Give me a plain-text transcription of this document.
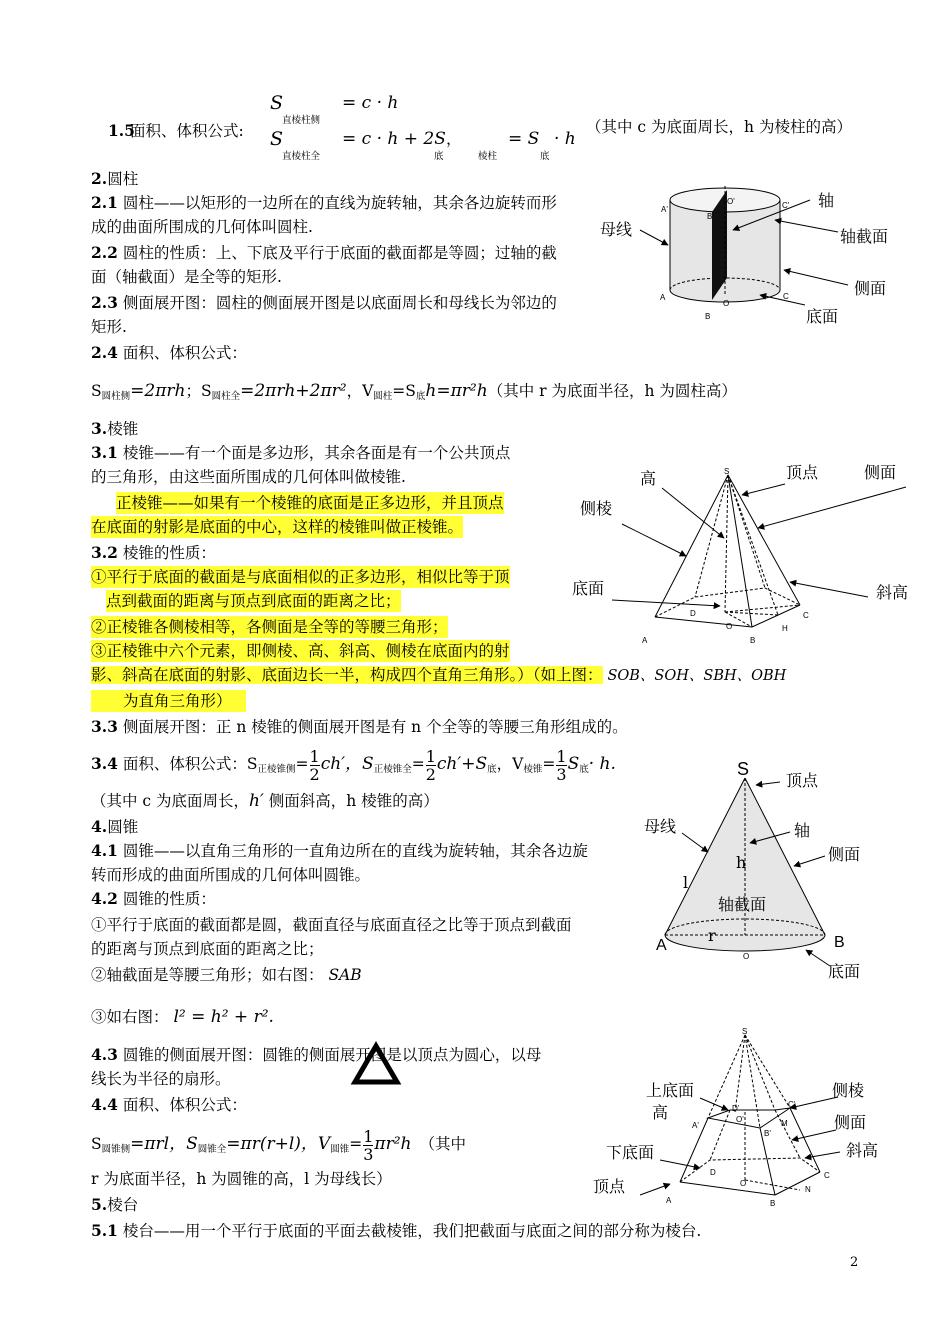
1.5
面积、体积公式:
S
直棱柱侧
= c · h
S
直棱柱全
= c · h + 2S
底
，
棱柱
= S
底
· h
（其中 c 为底面周长，h 为棱柱的高）
2.圆柱
2.1 圆柱——以矩形的一边所在的直线为旋转轴，其余各边旋转而形
成的曲面所围成的几何体叫圆柱.
2.2 圆柱的性质：上、下底及平行于底面的截面都是等圆；过轴的截
面（轴截面）是全等的矩形.
2.3 侧面展开图：圆柱的侧面展开图是以底面周长和母线长为邻边的
矩形.
2.4 面积、体积公式：
$S_{圆柱侧}=2\pi rh$；$S_{圆柱全}=2\pi rh+2\pi r^2$，$V_{圆柱}=S_底h=\pi r^2h$（其中 r 为底面半径，h 为圆柱高）
3.棱锥
3.1 棱锥——有一个面是多边形，其余各面是有一个公共顶点
的三角形，由这些面所围成的几何体叫做棱锥.
正棱锥——如果有一个棱锥的底面是正多边形，并且顶点
在底面的射影是底面的中心，这样的棱锥叫做正棱锥。
3.2 棱锥的性质：
①平行于底面的截面是与底面相似的正多边形，相似比等于顶
点到截面的距离与顶点到底面的距离之比；
②正棱锥各侧棱相等，各侧面是全等的等腰三角形；
③正棱锥中六个元素，即侧棱、高、斜高、侧棱在底面内的射
影、斜高在底面的射影、底面边长一半，构成四个直角三角形。）（如上图： SOB、SOH、SBH、OBH
为直角三角形）
3.3 侧面展开图：正 n 棱锥的侧面展开图是有 n 个全等的等腰三角形组成的。
3.4 面积、体积公式：$S_{正棱锥侧}= \frac{1}{2} ch'$，$S_{正棱锥全}= \frac{1}{2} ch'+S_底$，$V_{棱锥}= \frac{1}{3} S_底\cdot h$.
（其中 c 为底面周长，h′ 侧面斜高，h 棱锥的高）
4.圆锥
4.1 圆锥——以直角三角形的一直角边所在的直线为旋转轴，其余各边旋
转而形成的曲面所围成的几何体叫圆锥。
4.2 圆锥的性质：
①平行于底面的截面都是圆，截面直径与底面直径之比等于顶点到截面
的距离与顶点到底面的距离之比；
②轴截面是等腰三角形；如右图： SAB
③如右图： l² = h² + r².
4.3 圆锥的侧面展开图：圆锥的侧面展开图是以顶点为圆心，以母
线长为半径的扇形。
4.4 面积、体积公式：
$S_{圆锥侧}=\pi rl$，$S_{圆锥全}=\pi r(r+l)$，$V_{圆锥}= \frac{1}{3} \pi r^2h$ （其中
r 为底面半径，h 为圆锥的高，l 为母线长）
5.棱台
5.1 棱台——用一个平行于底面的平面去截棱锥，我们把截面与底面之间的部分称为棱台.
2
轴
母线	轴截面
侧面
底面
A'
O'	C'
B'
A
O
C
B
高	顶点	侧面
侧棱
底面	斜高
S
A	B
C
D
O	H
S
顶点
母线	轴
侧面
h
l
轴截面
A	B
r
O
底面
S
上底面	侧棱
高
侧面
下底面	斜高
顶点
D'	C'
A'
O'
B'
M
D
O
C
N
A	B
